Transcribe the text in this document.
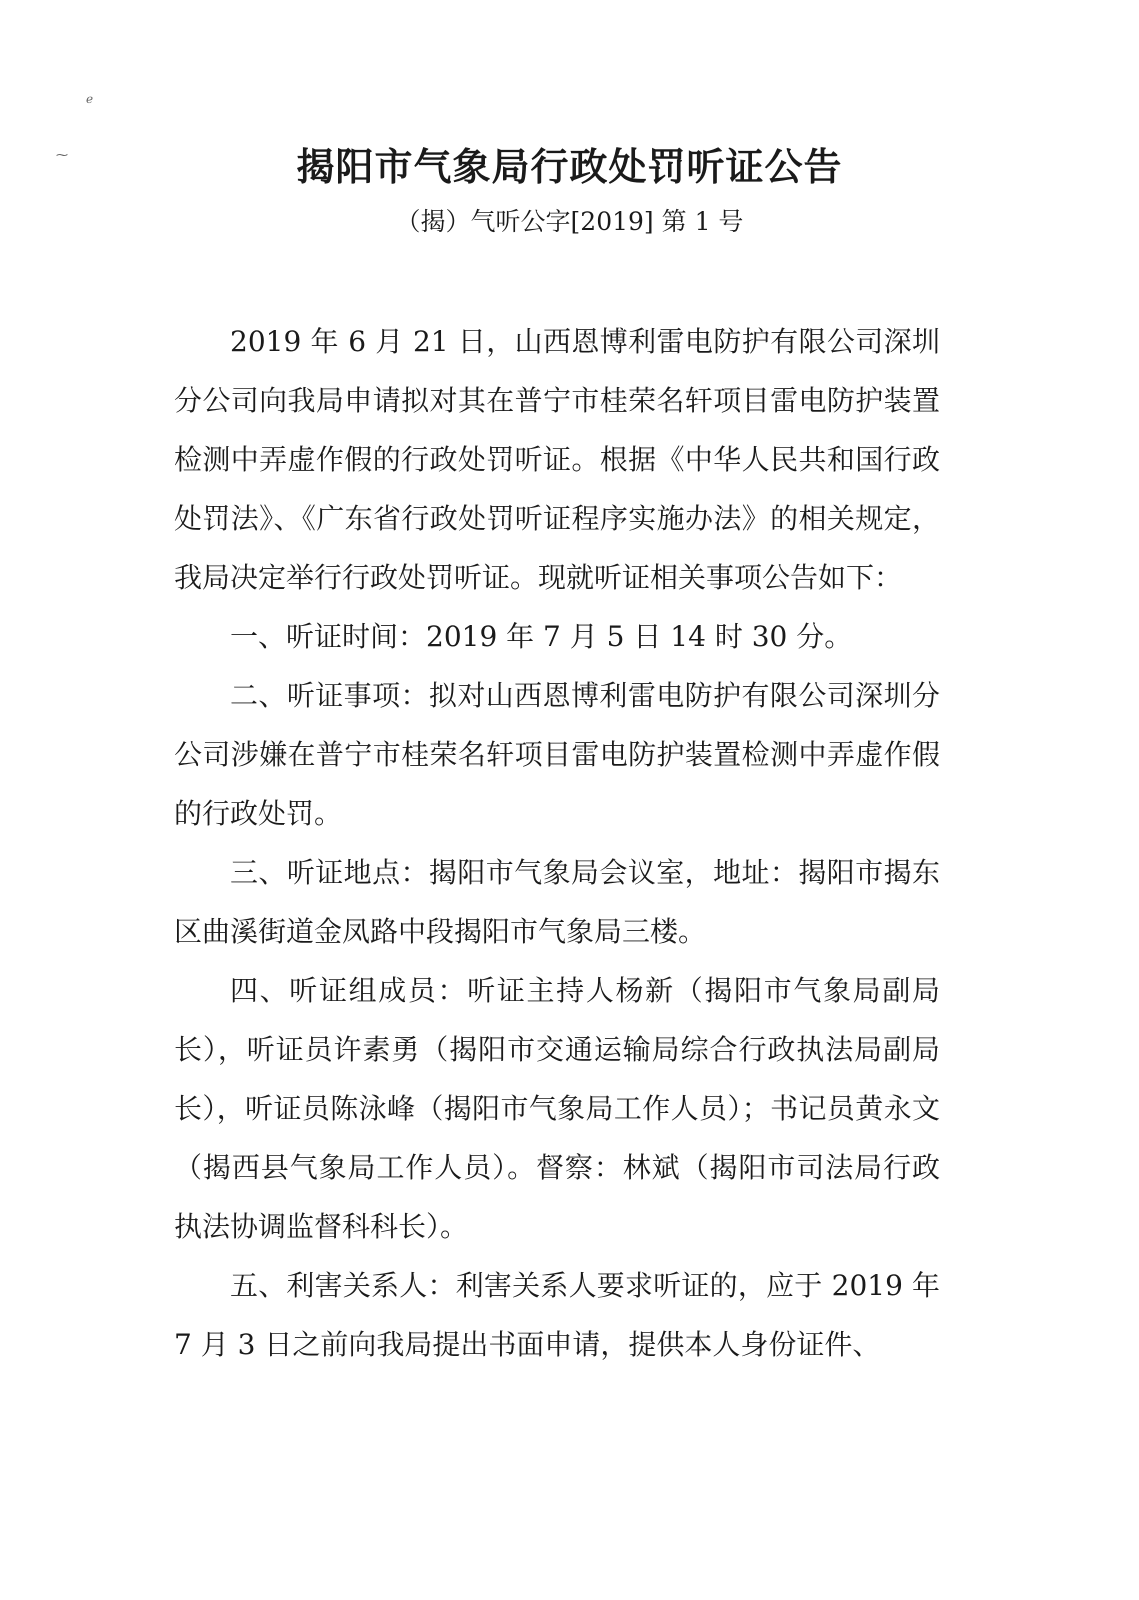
ℯ
⁓	揭阳市气象局行政处罚听证公告
（揭）气听公字[2019] 第 1 号

2019 年 6 月 21 日，山西恩博利雷电防护有限公司深圳分公司向我局申请拟对其在普宁市桂荣名轩项目雷电防护装置检测中弄虚作假的行政处罚听证。根据《中华人民共和国行政处罚法》、《广东省行政处罚听证程序实施办法》的相关规定，我局决定举行行政处罚听证。现就听证相关事项公告如下：

一、听证时间：2019 年 7 月 5 日 14 时 30 分。

二、听证事项：拟对山西恩博利雷电防护有限公司深圳分公司涉嫌在普宁市桂荣名轩项目雷电防护装置检测中弄虚作假的行政处罚。

三、听证地点：揭阳市气象局会议室，地址：揭阳市揭东区曲溪街道金凤路中段揭阳市气象局三楼。

四、听证组成员：听证主持人杨新（揭阳市气象局副局长），听证员许素勇（揭阳市交通运输局综合行政执法局副局长），听证员陈泳峰（揭阳市气象局工作人员）；书记员黄永文（揭西县气象局工作人员）。督察：林斌（揭阳市司法局行政执法协调监督科科长）。

五、利害关系人：利害关系人要求听证的，应于 2019 年 7 月 3 日之前向我局提出书面申请，提供本人身份证件、
